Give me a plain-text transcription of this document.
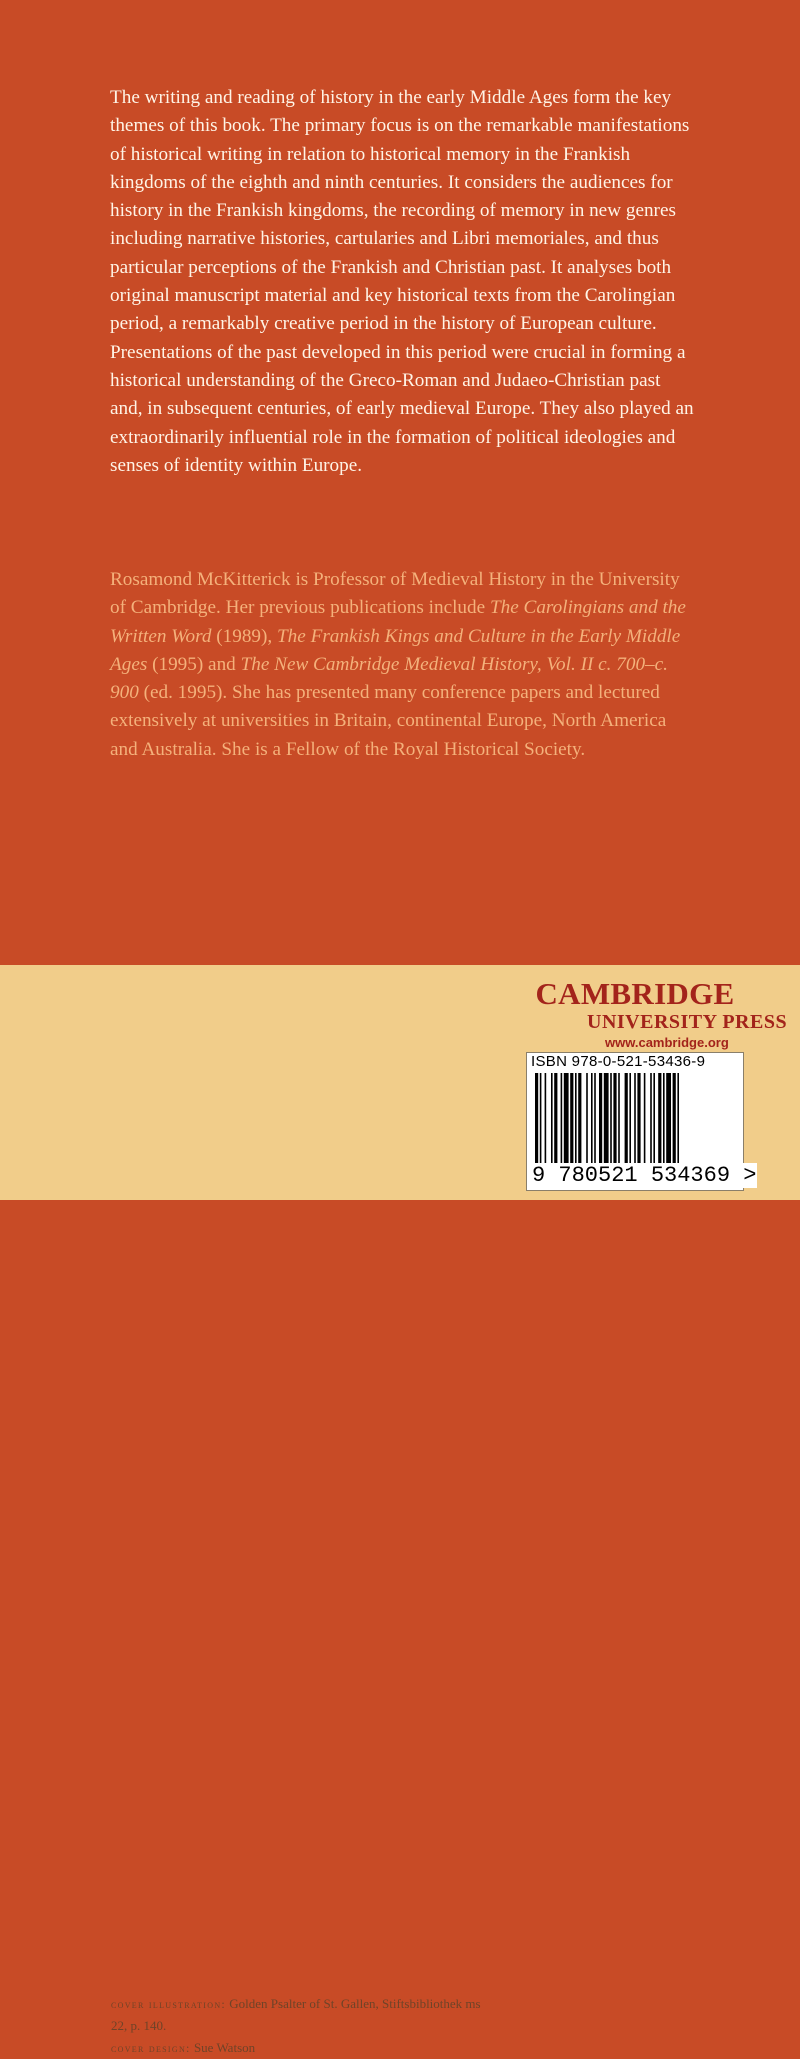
The writing and reading of history in the early Middle Ages form the key themes of this book. The primary focus is on the remarkable manifestations of historical writing in relation to historical memory in the Frankish kingdoms of the eighth and ninth centuries. It considers the audiences for history in the Frankish kingdoms, the recording of memory in new genres including narrative histories, cartularies and Libri memoriales, and thus particular perceptions of the Frankish and Christian past. It analyses both original manuscript material and key historical texts from the Carolingian period, a remarkably creative period in the history of European culture. Presentations of the past developed in this period were crucial in forming a historical understanding of the Greco-Roman and Judaeo-Christian past and, in subsequent centuries, of early medieval Europe. They also played an extraordinarily influential role in the formation of political ideologies and senses of identity within Europe.

Rosamond McKitterick is Professor of Medieval History in the University of Cambridge. Her previous publications include The Carolingians and the Written Word (1989), The Frankish Kings and Culture in the Early Middle Ages (1995) and The New Cambridge Medieval History, Vol. II c. 700–c. 900 (ed. 1995). She has presented many conference papers and lectured extensively at universities in Britain, continental Europe, North America and Australia. She is a Fellow of the Royal Historical Society.

cover illustration: Golden Psalter of St. Gallen, Stiftsbibliothek ms 22, p. 140.
cover design: Sue Watson
CAMBRIDGE
UNIVERSITY PRESS
www.cambridge.org
ISBN 978-0-521-53436-9
9 780521 534369 >
